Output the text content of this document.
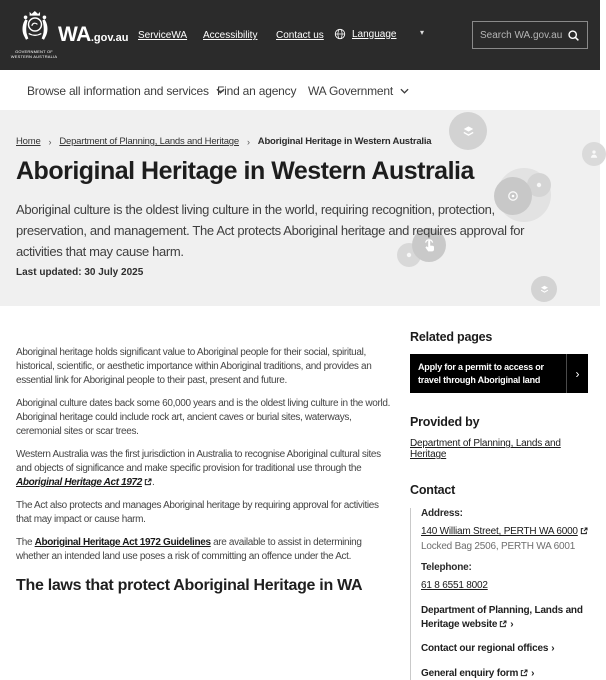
GOVERNMENT OF
WESTERN AUSTRALIA
WA .gov.au ServiceWA Accessibility Contact us	Language	▾
Search WA.gov.au
Browse all information and services Find an agency WA Government
Home › Department of Planning, Lands and Heritage › Aboriginal Heritage in Western Australia
Aboriginal Heritage in Western Australia

Aboriginal culture is the oldest living culture in the world, requiring recognition, protection, preservation, and management. The Act protects Aboriginal heritage and requires approval for activities that may cause harm.

Last updated: 30 July 2025

Aboriginal heritage holds significant value to Aboriginal people for their social, spiritual, historical, scientific, or aesthetic importance within Aboriginal traditions, and provides an essential link for Aboriginal people to their past, present and future.

Aboriginal culture dates back some 60,000 years and is the oldest living culture in the world. Aboriginal heritage could include rock art, ancient caves or burial sites, waterways, ceremonial sites or scar trees.

Western Australia was the first jurisdiction in Australia to recognise Aboriginal cultural sites and objects of significance and make specific provision for traditional use through the Aboriginal Heritage Act 1972 .

The Act also protects and manages Aboriginal heritage by requiring approval for activities that may impact or cause harm.

The Aboriginal Heritage Act 1972 Guidelines are available to assist in determining whether an intended land use poses a risk of committing an offence under the Act.

The laws that protect Aboriginal Heritage in WA
Related pages
Apply for a permit to access or travel through Aboriginal land	›
Provided by
Department of Planning, Lands and Heritage
Contact
Address:
140 William Street, PERTH WA 6000
Locked Bag 2506, PERTH WA 6001
Telephone:
61 8 6551 8002
Department of Planning, Lands and Heritage website ›
Contact our regional offices ›
General enquiry form ›
